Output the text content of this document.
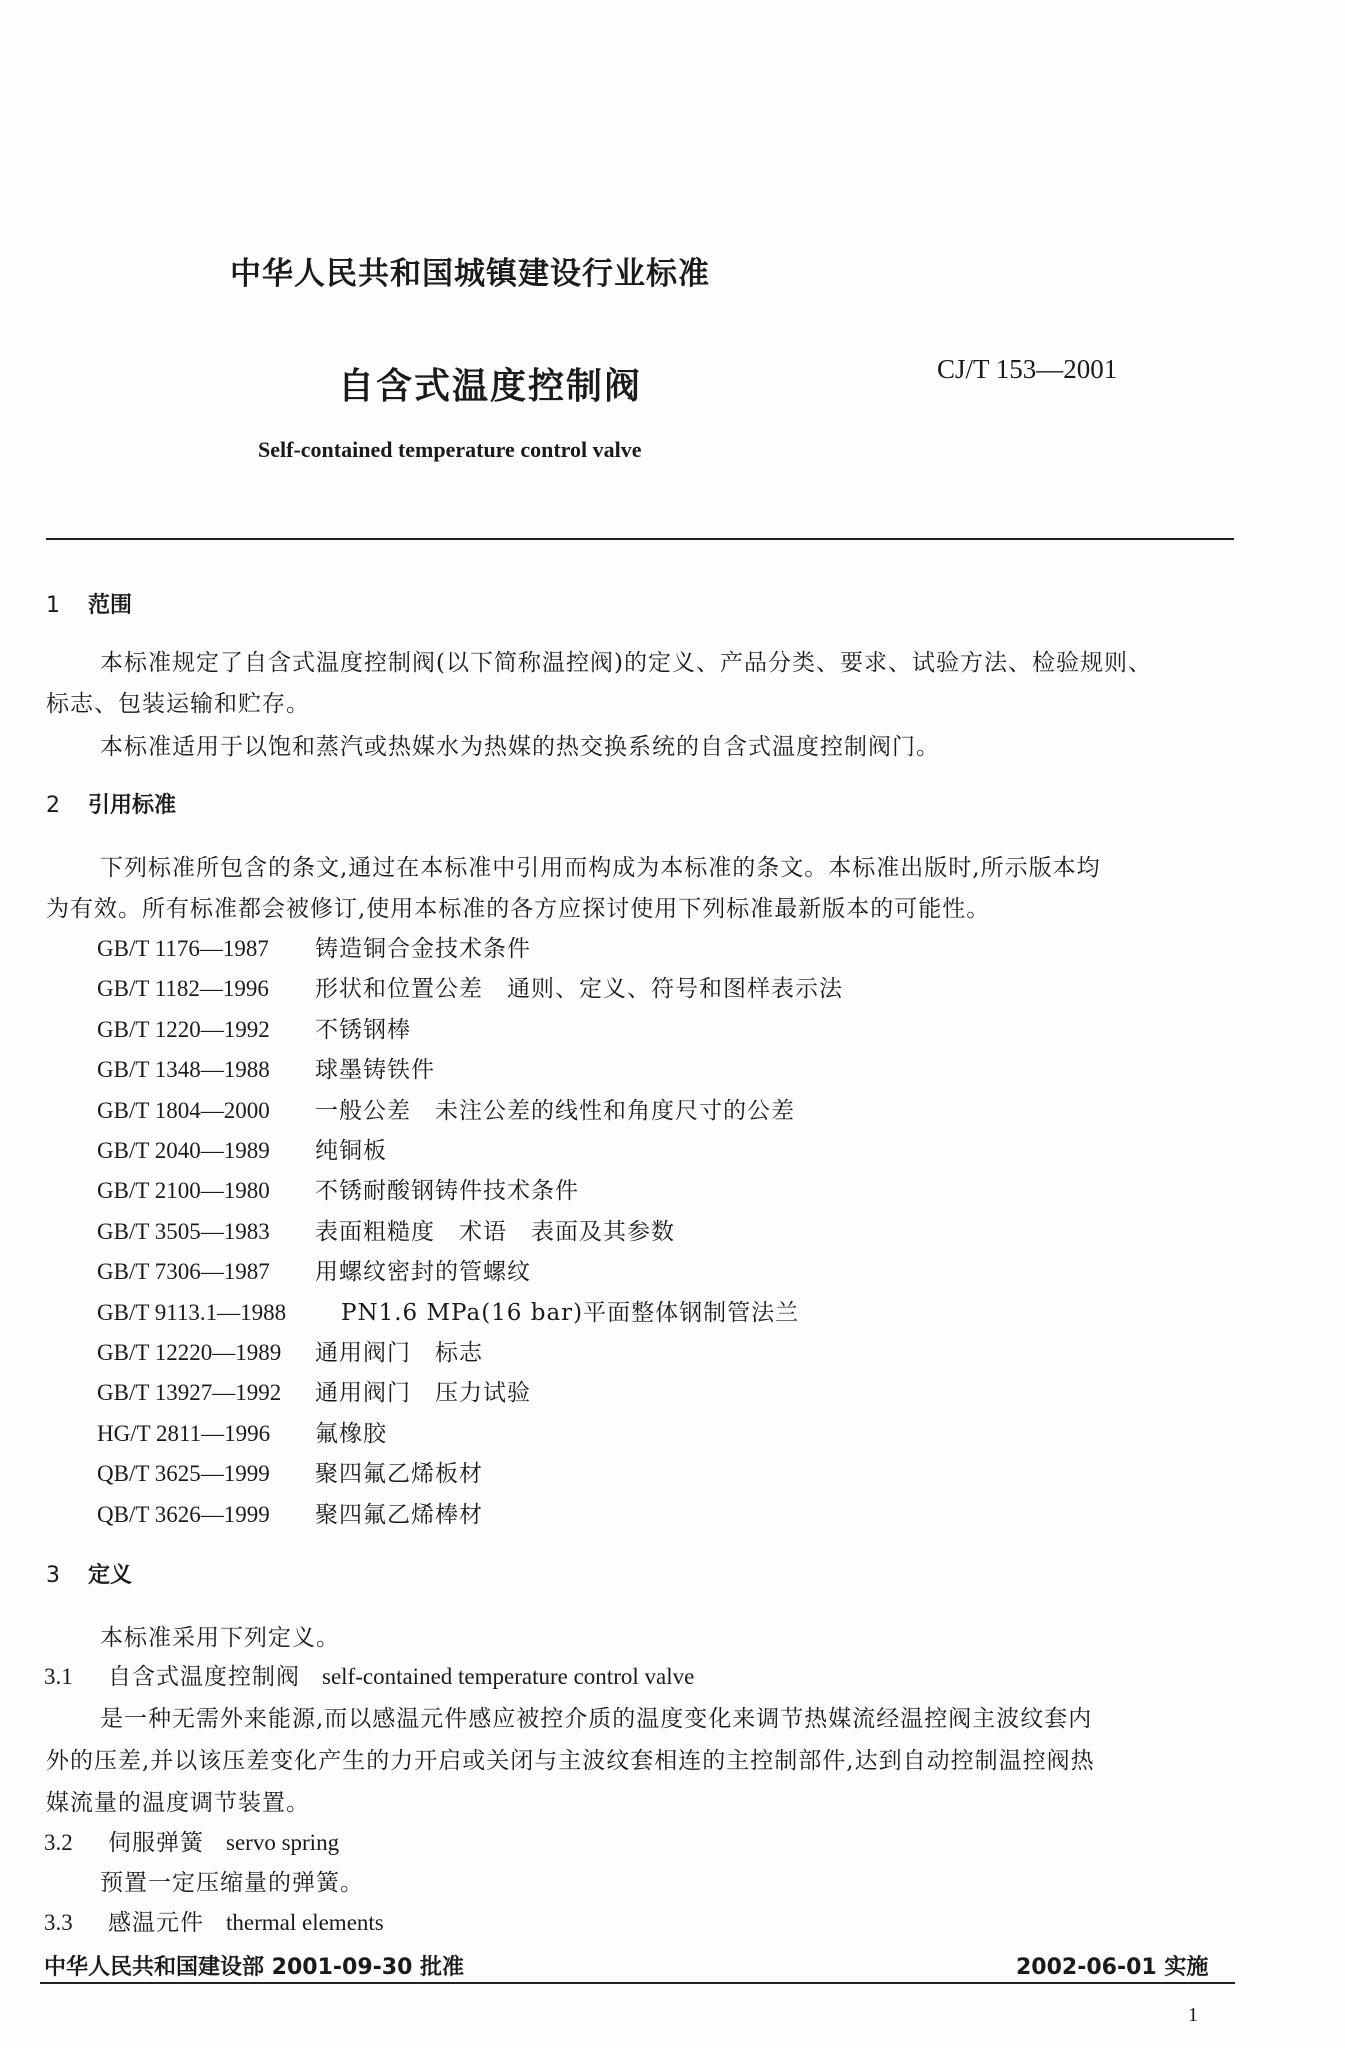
中华人民共和国城镇建设行业标准
自含式温度控制阀	CJ/T 153—2001
Self-contained temperature control valve
1 范围
本标准规定了自含式温度控制阀(以下简称温控阀)的定义、产品分类、要求、试验方法、检验规则、
标志、包装运输和贮存。
本标准适用于以饱和蒸汽或热媒水为热媒的热交换系统的自含式温度控制阀门。
2 引用标准
下列标准所包含的条文,通过在本标准中引用而构成为本标准的条文。本标准出版时,所示版本均
为有效。所有标准都会被修订,使用本标准的各方应探讨使用下列标准最新版本的可能性。
GB/T 1176—1987 铸造铜合金技术条件
GB/T 1182—1996 形状和位置公差　通则、定义、符号和图样表示法
GB/T 1220—1992 不锈钢棒
GB/T 1348—1988 球墨铸铁件
GB/T 1804—2000 一般公差　未注公差的线性和角度尺寸的公差
GB/T 2040—1989 纯铜板
GB/T 2100—1980 不锈耐酸钢铸件技术条件
GB/T 3505—1983 表面粗糙度　术语　表面及其参数
GB/T 7306—1987 用螺纹密封的管螺纹
GB/T 9113.1—1988 PN1.6 MPa(16 bar)平面整体钢制管法兰
GB/T 12220—1989 通用阀门　标志
GB/T 13927—1992 通用阀门　压力试验
HG/T 2811—1996 氟橡胶
QB/T 3625—1999 聚四氟乙烯板材
QB/T 3626—1999 聚四氟乙烯棒材
3 定义
本标准采用下列定义。
3.1 自含式温度控制阀 self-contained temperature control valve
是一种无需外来能源,而以感温元件感应被控介质的温度变化来调节热媒流经温控阀主波纹套内
外的压差,并以该压差变化产生的力开启或关闭与主波纹套相连的主控制部件,达到自动控制温控阀热
媒流量的温度调节装置。
3.2 伺服弹簧 servo spring
预置一定压缩量的弹簧。
3.3 感温元件 thermal elements
中华人民共和国建设部 2001-09-30 批准	2002-06-01 实施
1
